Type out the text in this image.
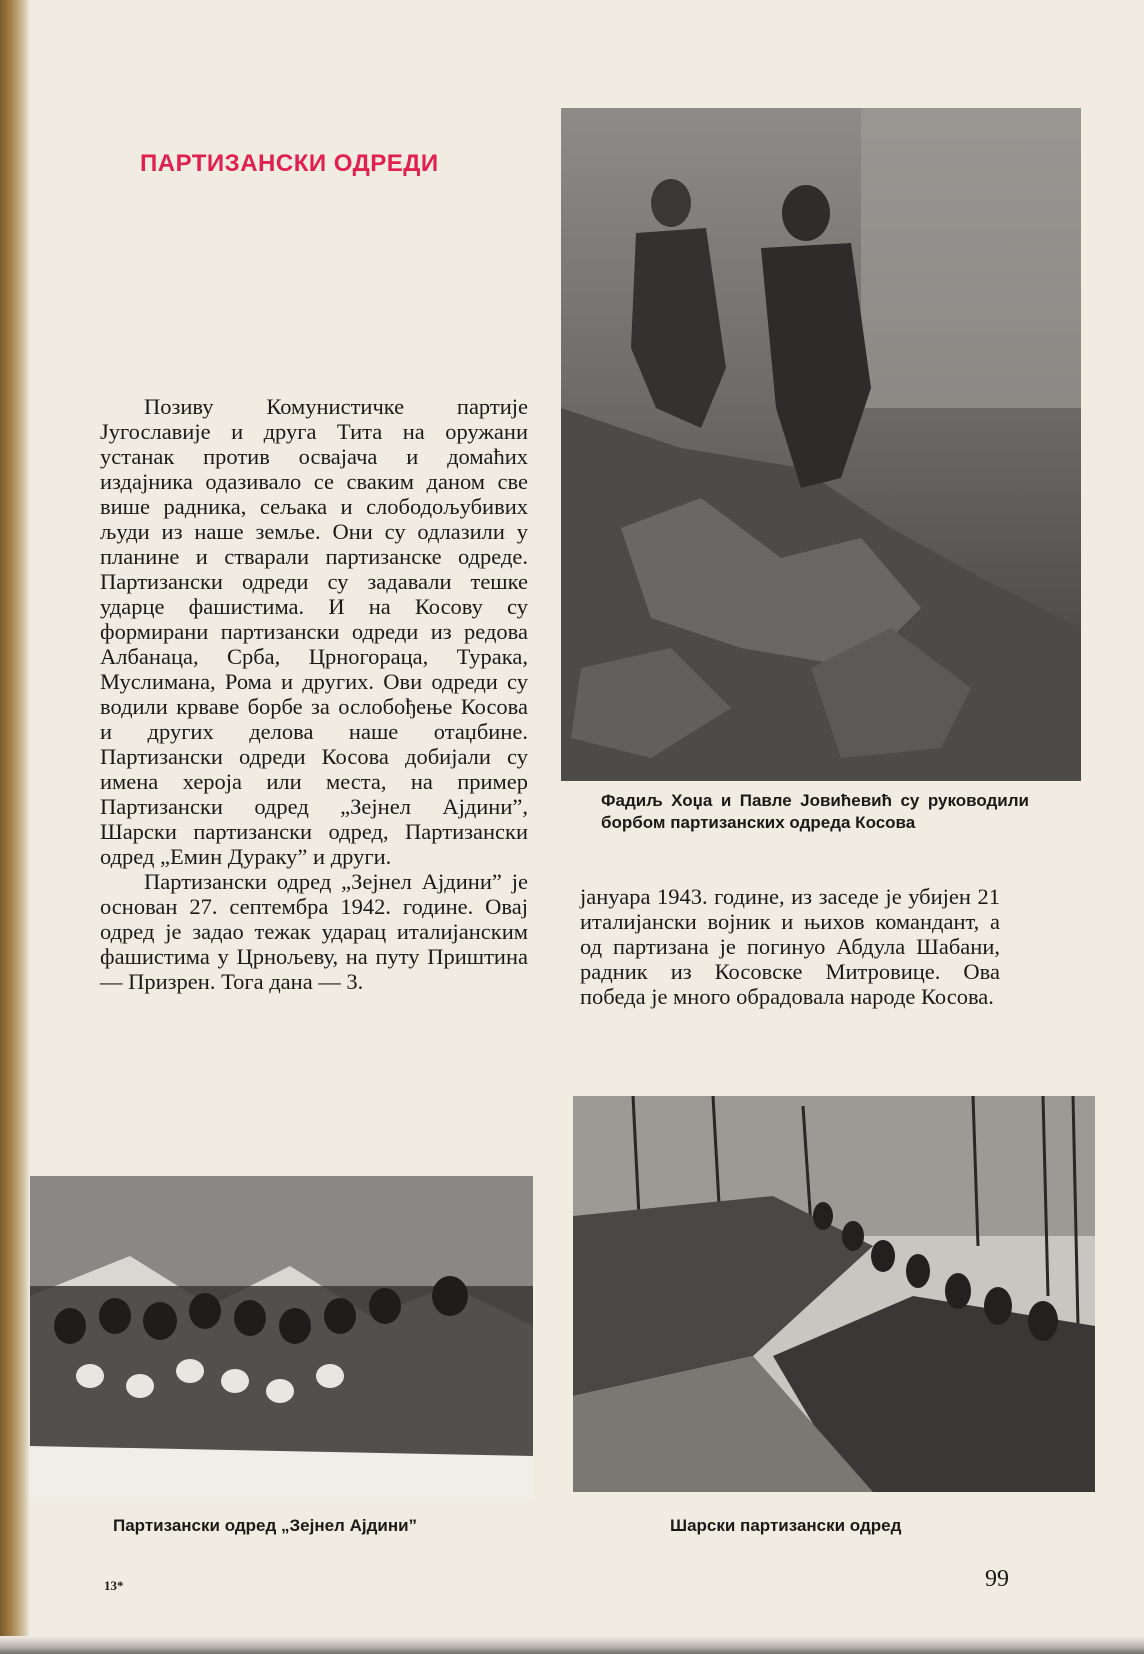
ПАРТИЗАНСКИ ОДРЕДИ
Фадиљ Хоџа и Павле Јовићевић су руководили борбом партизанских одреда Косова

Позиву Комунистичке партије Југославије и друга Тита на оружани устанак против освајача и домаћих издајника одазивало се сваким даном све више радника, сељака и слободољубивих људи из наше земље. Они су одлазили у планине и стварали партизанске одреде. Партизански одреди су задавали тешке ударце фашистима. И на Косову су формирани партизански одреди из редова Албанаца, Срба, Црногораца, Турака, Муслимана, Рома и других. Ови одреди су водили крваве борбе за ослобођење Косова и других делова наше отаџбине. Партизански одреди Косова добијали су имена хероја или места, на пример Партизански одред „Зејнел Ајдини”, Шарски партизански одред, Партизански одред „Емин Дураку” и други.

Партизански одред „Зејнел Ајдини” је основан 27. септембра 1942. године. Овај одред је задао тежак ударац италијанским фашистима у Црнољеву, на путу Приштина — Призрен. Тога дана — 3.

јануара 1943. године, из заседе је убијен 21 италијански војник и њихов командант, а од партизана је погинуо Абдула Шабани, радник из Косовске Митровице. Ова победа је много обрадовала народе Косова.

Партизански одред „Зејнел Ајдини”	Шарски партизански одред
13*	99
